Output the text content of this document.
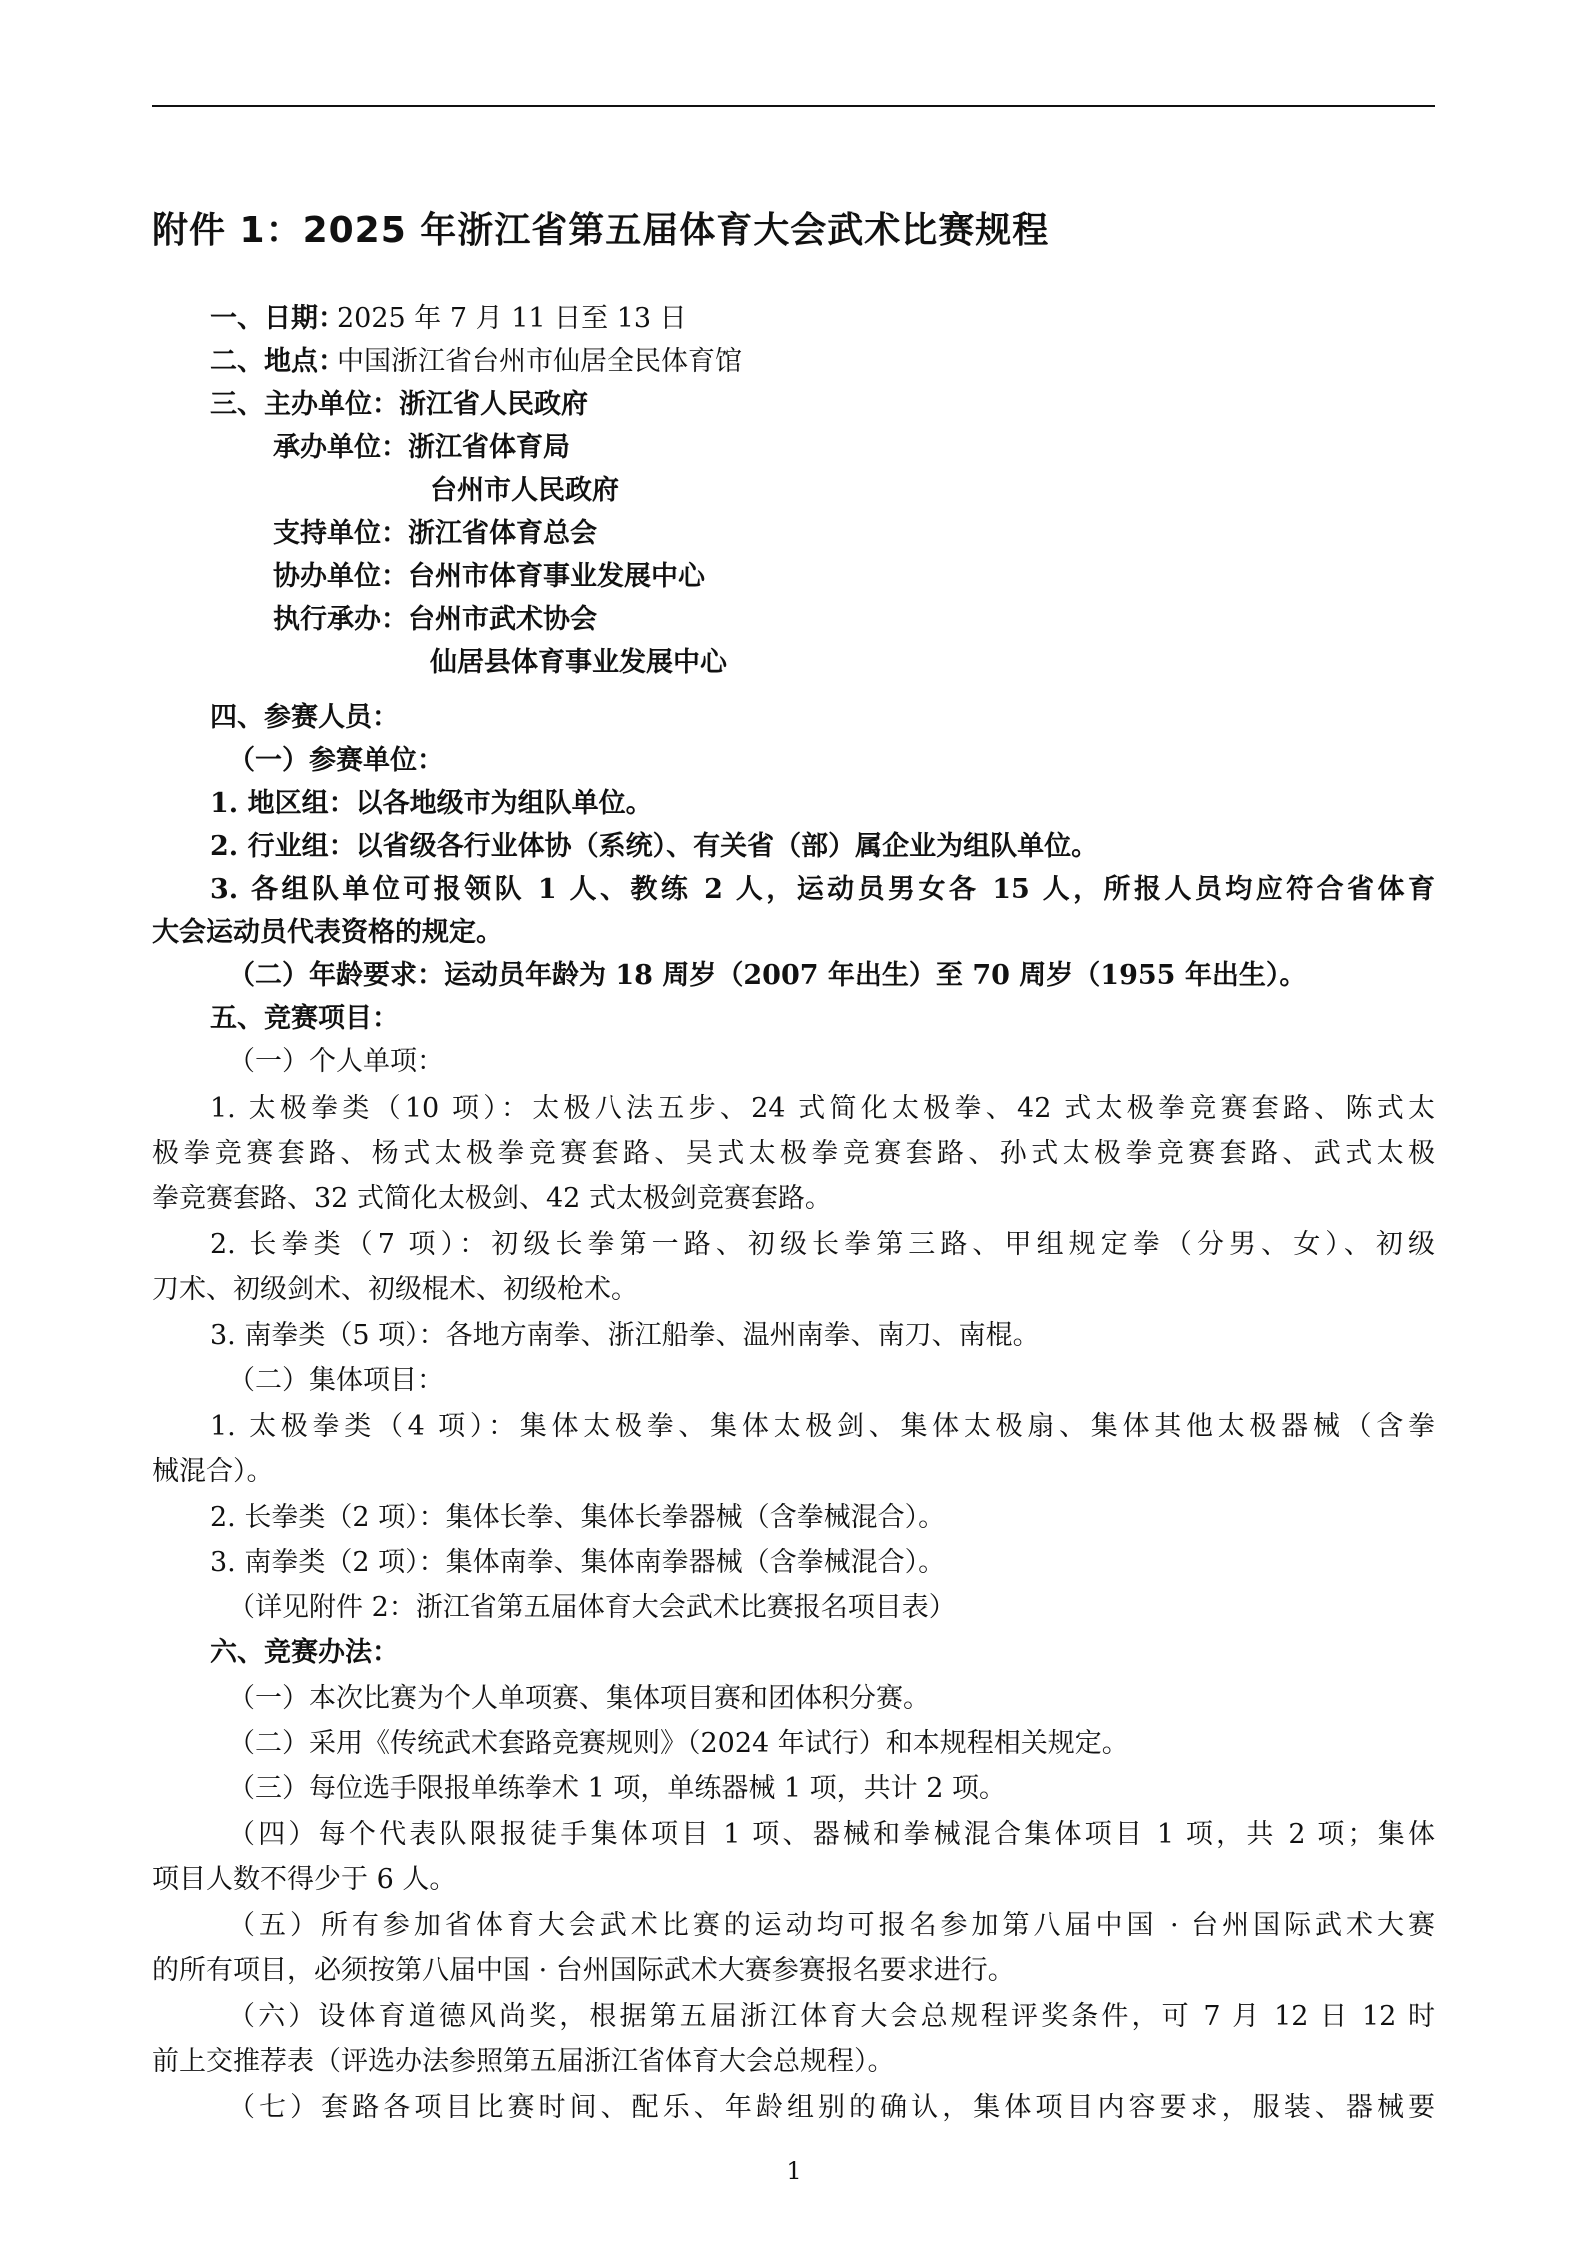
附件 1：2025 年浙江省第五届体育大会武术比赛规程
一、日 期：
2025 年 7 月 11 日至 13 日
二、地 点：
中国浙江省台州市仙居全民体育馆
三、主办单位：浙江省人民政府
承办单位：浙江省体育局
台州市人民政府
支持单位：浙江省体育总会
协办单位：台州市体育事业发展中心
执行承办：台州市武术协会
仙居县体育事业发展中心
四、参赛人员：
（一）参赛单位：
1. 地区组：以各地级市为组队单位。
2. 行业组：以省级各行业体协（系统）、有关省（部）属企业为组队单位。
3. 各组队单位可报领队 1 人、教练 2 人，运动员男女各 15 人，所报人员均应符合省体育
大会运动员代表资格的规定。
（二）年龄要求：运动员年龄为 18 周岁（2007 年出生）至 70 周岁（1955 年出生）。
五、竞赛项目：
（一）个人单项：
1. 太极拳类（10 项）：太极八法五步、24 式简化太极拳、42 式太极拳竞赛套路、陈式太
极拳竞赛套路、杨式太极拳竞赛套路、吴式太极拳竞赛套路、孙式太极拳竞赛套路、武式太极
拳竞赛套路、32 式简化太极剑、42 式太极剑竞赛套路。
2. 长拳类（7 项）：初级长拳第一路、初级长拳第三路、甲组规定拳（分男、女）、初级
刀术、初级剑术、初级棍术、初级枪术。
3. 南拳类（5 项）：各地方南拳、浙江船拳、温州南拳、南刀、南棍。
（二）集体项目：
1. 太极拳类（4 项）：集体太极拳、集体太极剑、集体太极扇、集体其他太极器械（含拳
械混合）。
2. 长拳类（2 项）：集体长拳、集体长拳器械（含拳械混合）。
3. 南拳类（2 项）：集体南拳、集体南拳器械（含拳械混合）。
（详见附件 2：浙江省第五届体育大会武术比赛报名项目表）
六、竞赛办法：
（一）本次比赛为个人单项赛、集体项目赛和团体积分赛。
（二）采用《传统武术套路竞赛规则》（2024 年试行）和本规程相关规定。
（三）每位选手限报单练拳术 1 项，单练器械 1 项，共计 2 项。
（四）每个代表队限报徒手集体项目 1 项、器械和拳械混合集体项目 1 项，共 2 项；集体
项目人数不得少于 6 人。
（五）所有参加省体育大会武术比赛的运动均可报名参加第八届中国 · 台州国际武术大赛
的所有项目，必须按第八届中国 · 台州国际武术大赛参赛报名要求进行。
（六）设体育道德风尚奖，根据第五届浙江体育大会总规程评奖条件，可 7 月 12 日 12 时
前上交推荐表（评选办法参照第五届浙江省体育大会总规程）。
（七）套路各项目比赛时间、配乐、年龄组别的确认，集体项目内容要求，服装、器械要
1
